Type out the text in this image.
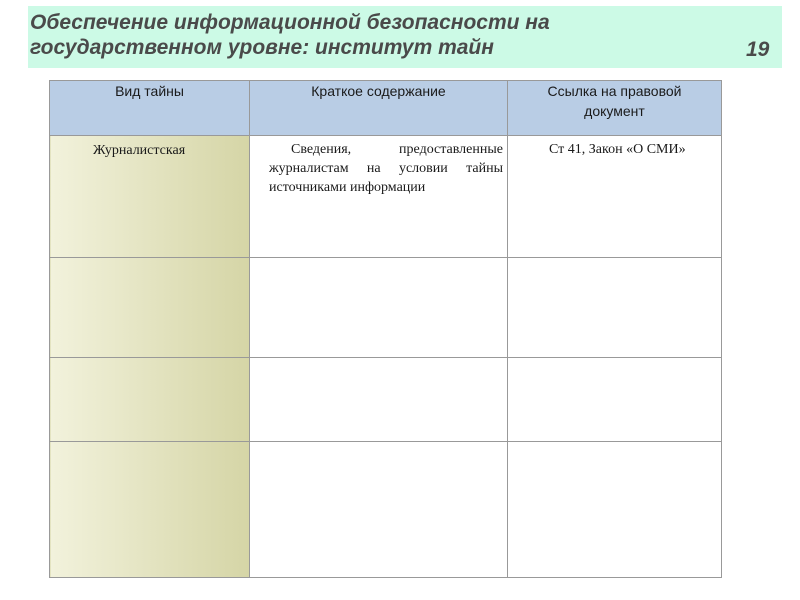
Обеспечение информационной безопасности на
государственном уровне: институт тайн	19
Вид тайны	Краткое содержание	Ссылка на правовой документ

Журналистская	Сведения, предоставленные журналистам на условии тайны источниками информации	Ст 41, Закон «О СМИ»
